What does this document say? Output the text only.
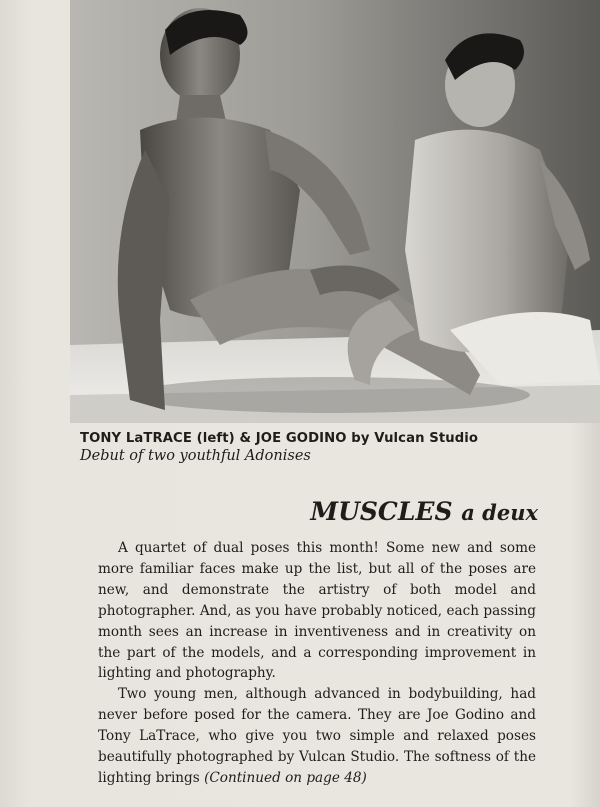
TONY LaTRACE (left) & JOE GODINO by Vulcan Studio
Debut of two youthful Adonises
MUSCLES a deux

A quartet of dual poses this month! Some new and some more familiar faces make up the list, but all of the poses are new, and demonstrate the artistry of both model and photographer. And, as you have probably noticed, each passing month sees an increase in inventiveness and in creativity on the part of the models, and a corresponding improvement in lighting and photography.

Two young men, although advanced in bodybuilding, had never before posed for the camera. They are Joe Godino and Tony LaTrace, who give you two simple and relaxed poses beautifully photographed by Vulcan Studio. The softness of the lighting brings (Continued on page 48)
